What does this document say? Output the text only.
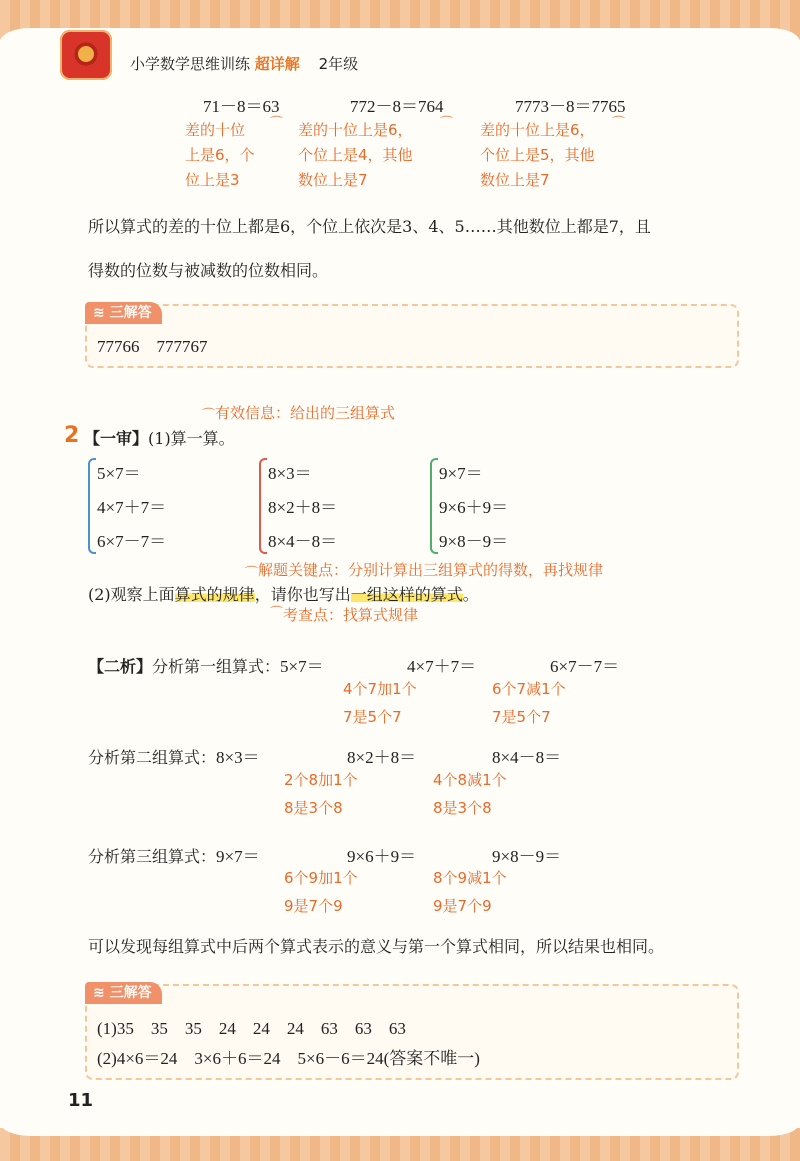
小学数学思维训练 超详解 2年级
71－8＝63	772－8＝764	7773－8＝7765
⌒	⌒	⌒
差的十位
上是6，个
位上是3
差的十位上是6，
个位上是4，其他
数位上是7
差的十位上是6，
个位上是5，其他
数位上是7
所以算式的差的十位上都是6，个位上依次是3、4、5……其他数位上都是7，且
得数的位数与被减数的位数相同。
≋ 三解答
77766　777767
⌒ 有效信息：给出的三组算式
2 【一审】(1)算一算。
5×7＝
4×7＋7＝
6×7－7＝
8×3＝
8×2＋8＝
8×4－8＝
9×7＝
9×6＋9＝
9×8－9＝
⌒ 解题关键点：分别计算出三组算式的得数，再找规律
(2)观察上面算式的规律，请你也写出一组这样的算式。
⌒ 考查点：找算式规律
【二析】分析第一组算式：5×7＝	4×7＋7＝	6×7－7＝
4个7加1个
7是5个7
6个7减1个
7是5个7
分析第二组算式：8×3＝	8×2＋8＝	8×4－8＝
2个8加1个
8是3个8
4个8减1个
8是3个8
分析第三组算式：9×7＝	9×6＋9＝	9×8－9＝
6个9加1个
9是7个9
8个9减1个
9是7个9
可以发现每组算式中后两个算式表示的意义与第一个算式相同，所以结果也相同。
≋ 三解答
(1)35　35　35　24　24　24　63　63　63
(2)4×6＝24　3×6＋6＝24　5×6－6＝24(答案不唯一)
11
